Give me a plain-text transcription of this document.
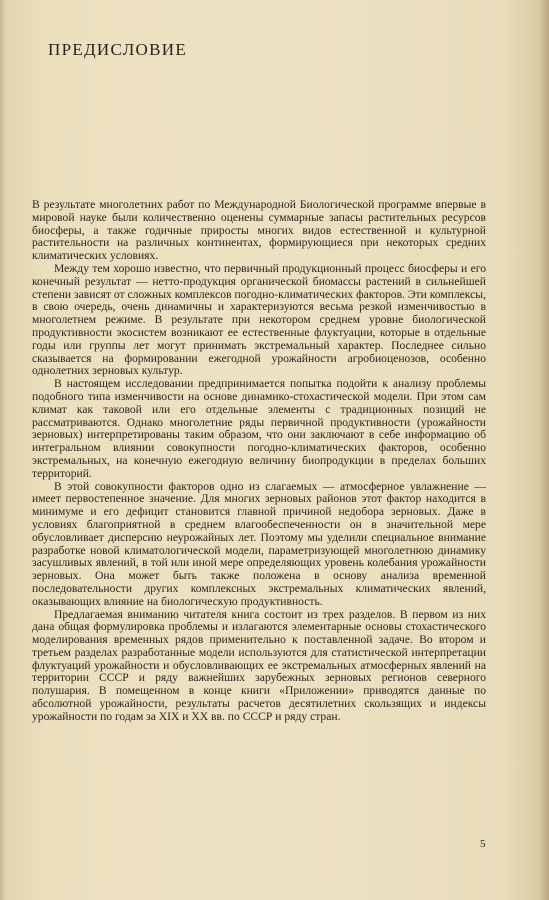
ПРЕДИСЛОВИЕ

В результате многолетних работ по Международной Биологической программе впервые в мировой науке были количественно оценены суммарные запасы растительных ресурсов биосферы, а также годичные приросты многих видов естественной и культурной растительности на различных континентах, формирующиеся при некоторых средних климатических условиях.

Между тем хорошо известно, что первичный продукционный процесс биосферы и его конечный результат — нетто-продукция органической биомассы растений в сильнейшей степени зависят от сложных комплексов погодно-климатических факторов. Эти комплексы, в свою очередь, очень динамичны и характеризуются весьма резкой изменчивостью в многолетнем режиме. В результате при некотором среднем уровне биологической продуктивности экосистем возникают ее естественные флуктуации, которые в отдельные годы или группы лет могут принимать экстремальный характер. Последнее сильно сказывается на формировании ежегодной урожайности агробиоценозов, особенно однолетних зерновых культур.

В настоящем исследовании предпринимается попытка подойти к анализу проблемы подобного типа изменчивости на основе динамико-стохастической модели. При этом сам климат как таковой или его отдельные элементы с традиционных позиций не рассматриваются. Однако многолетние ряды первичной продуктивности (урожайности зерновых) интерпретированы таким образом, что они заключают в себе информацию об интегральном влиянии совокупности погодно-климатических факторов, особенно экстремальных, на конечную ежегодную величину биопродукции в пределах больших территорий.

В этой совокупности факторов одно из слагаемых — атмосферное увлажнение — имеет первостепенное значение. Для многих зерновых районов этот фактор находится в минимуме и его дефицит становится главной причиной недобора зерновых. Даже в условиях благоприятной в среднем влагообеспеченности он в значительной мере обусловливает дисперсию неурожайных лет. Поэтому мы уделили специальное внимание разработке новой климатологической модели, параметризующей многолетнюю динамику засушливых явлений, в той или иной мере определяющих уровень колебания урожайности зерновых. Она может быть также положена в основу анализа временной последовательности других комплексных экстремальных климатических явлений, оказывающих влияние на биологическую продуктивность.

Предлагаемая вниманию читателя книга состоит из трех разделов. В первом из них дана общая формулировка проблемы и излагаются элементарные основы стохастического моделирования временных рядов применительно к поставленной задаче. Во втором и третьем разделах разработанные модели используются для статистической интерпретации флуктуаций урожайности и обусловливающих ее экстремальных атмосферных явлений на территории СССР и ряду важнейших зарубежных зерновых регионов северного полушария. В помещенном в конце книги «Приложении» приводятся данные по абсолютной урожайности, результаты расчетов десятилетних скользящих и индексы урожайности по годам за XIX и XX вв. по СССР и ряду стран.

5
